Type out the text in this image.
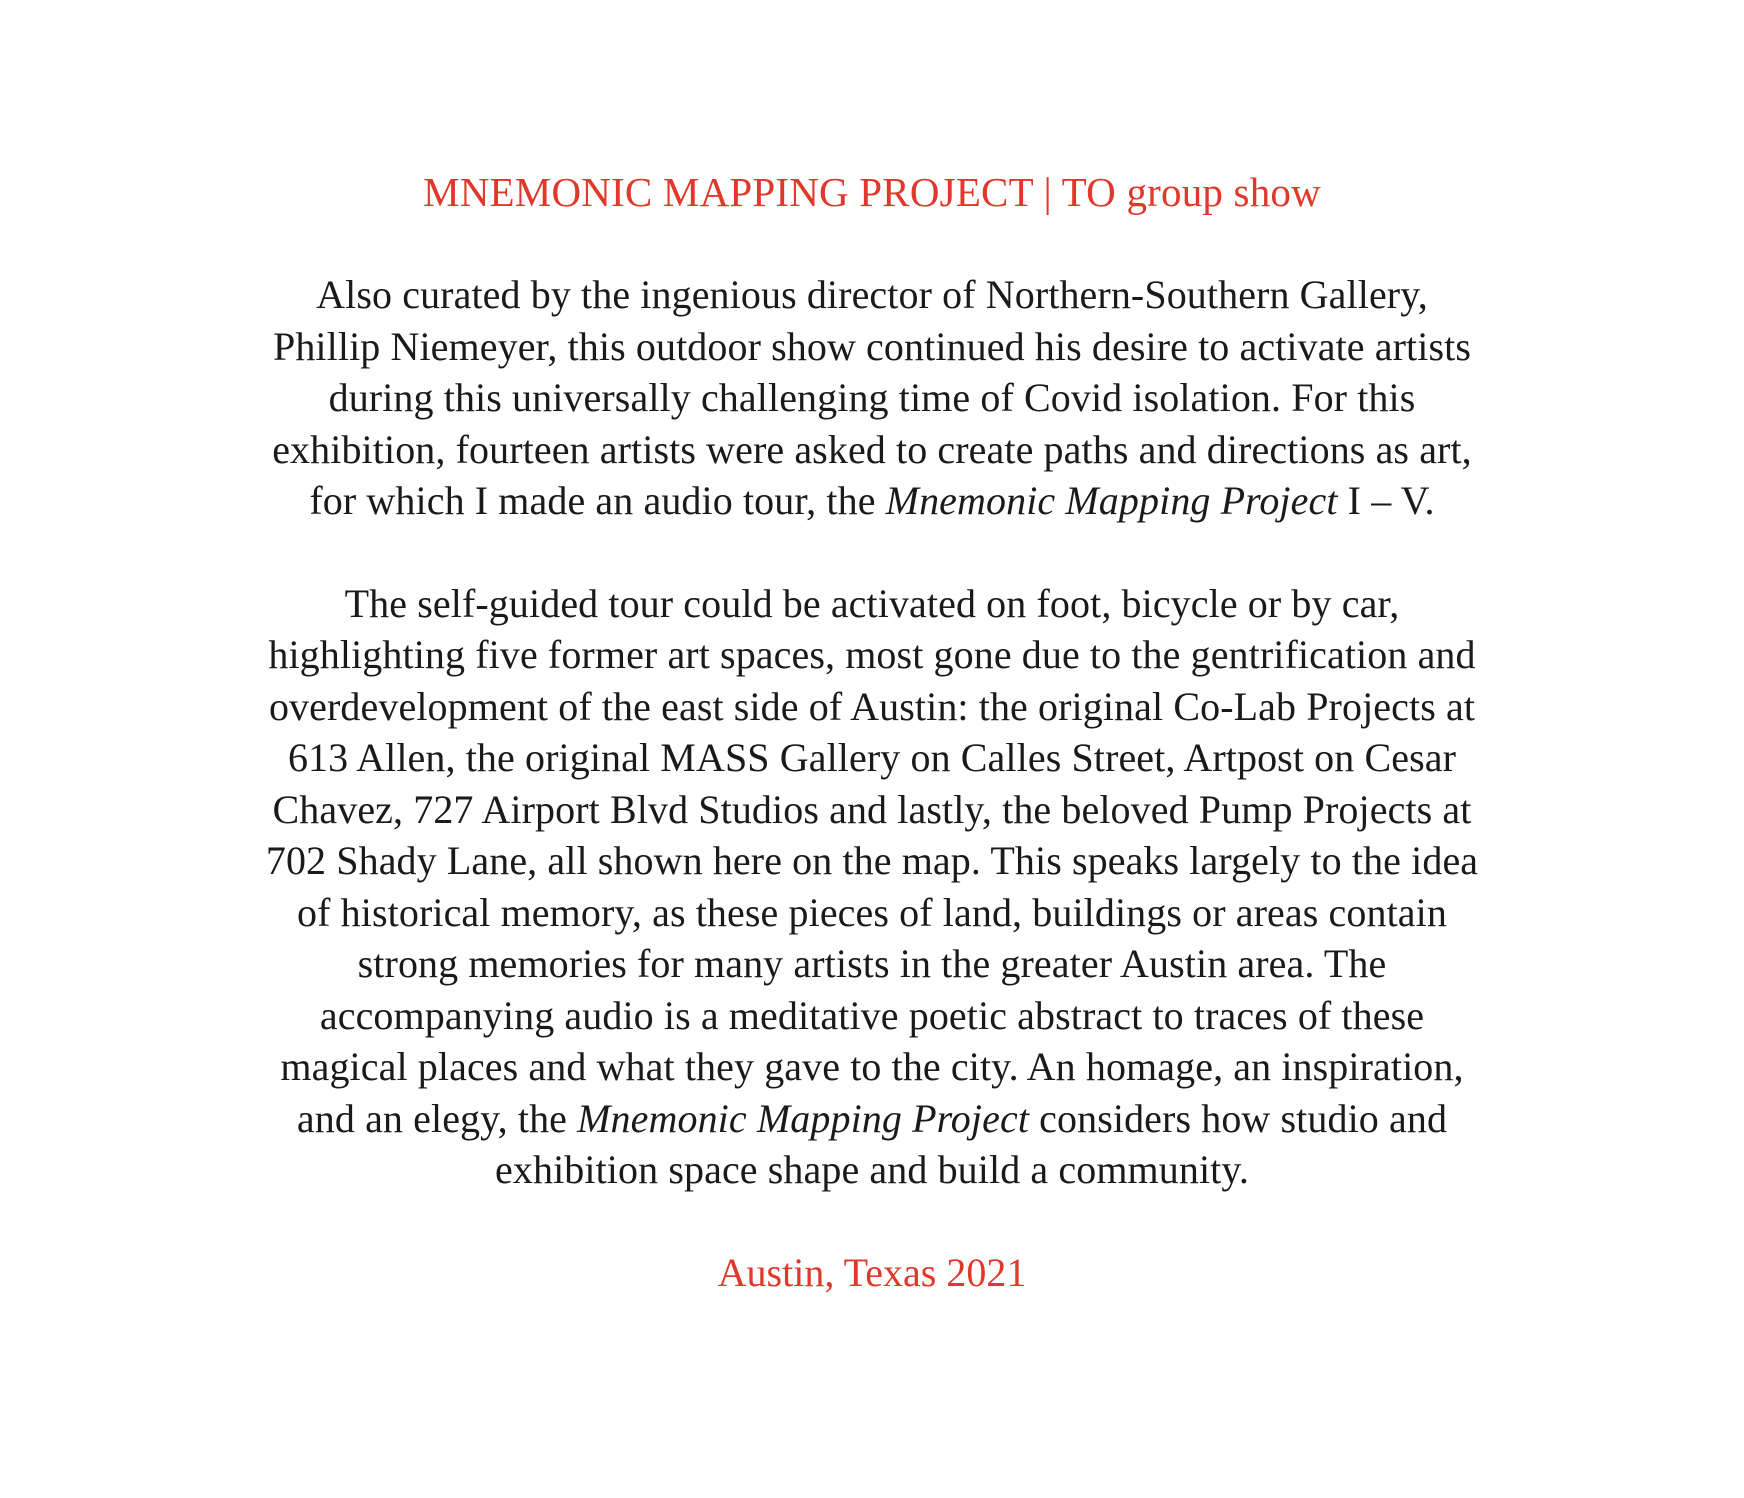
MNEMONIC MAPPING PROJECT | TO group show

Also curated by the ingenious director of Northern-Southern Gallery,
Phillip Niemeyer, this outdoor show continued his desire to activate artists
during this universally challenging time of Covid isolation. For this
exhibition, fourteen artists were asked to create paths and directions as art,
for which I made an audio tour, the Mnemonic Mapping Project I – V.
The self-guided tour could be activated on foot, bicycle or by car,
highlighting five former art spaces, most gone due to the gentrification and
overdevelopment of the east side of Austin: the original Co-Lab Projects at
613 Allen, the original MASS Gallery on Calles Street, Artpost on Cesar
Chavez, 727 Airport Blvd Studios and lastly, the beloved Pump Projects at
702 Shady Lane, all shown here on the map. This speaks largely to the idea
of historical memory, as these pieces of land, buildings or areas contain
strong memories for many artists in the greater Austin area. The
accompanying audio is a meditative poetic abstract to traces of these
magical places and what they gave to the city. An homage, an inspiration,
and an elegy, the Mnemonic Mapping Project considers how studio and
exhibition space shape and build a community.

Austin, Texas 2021
